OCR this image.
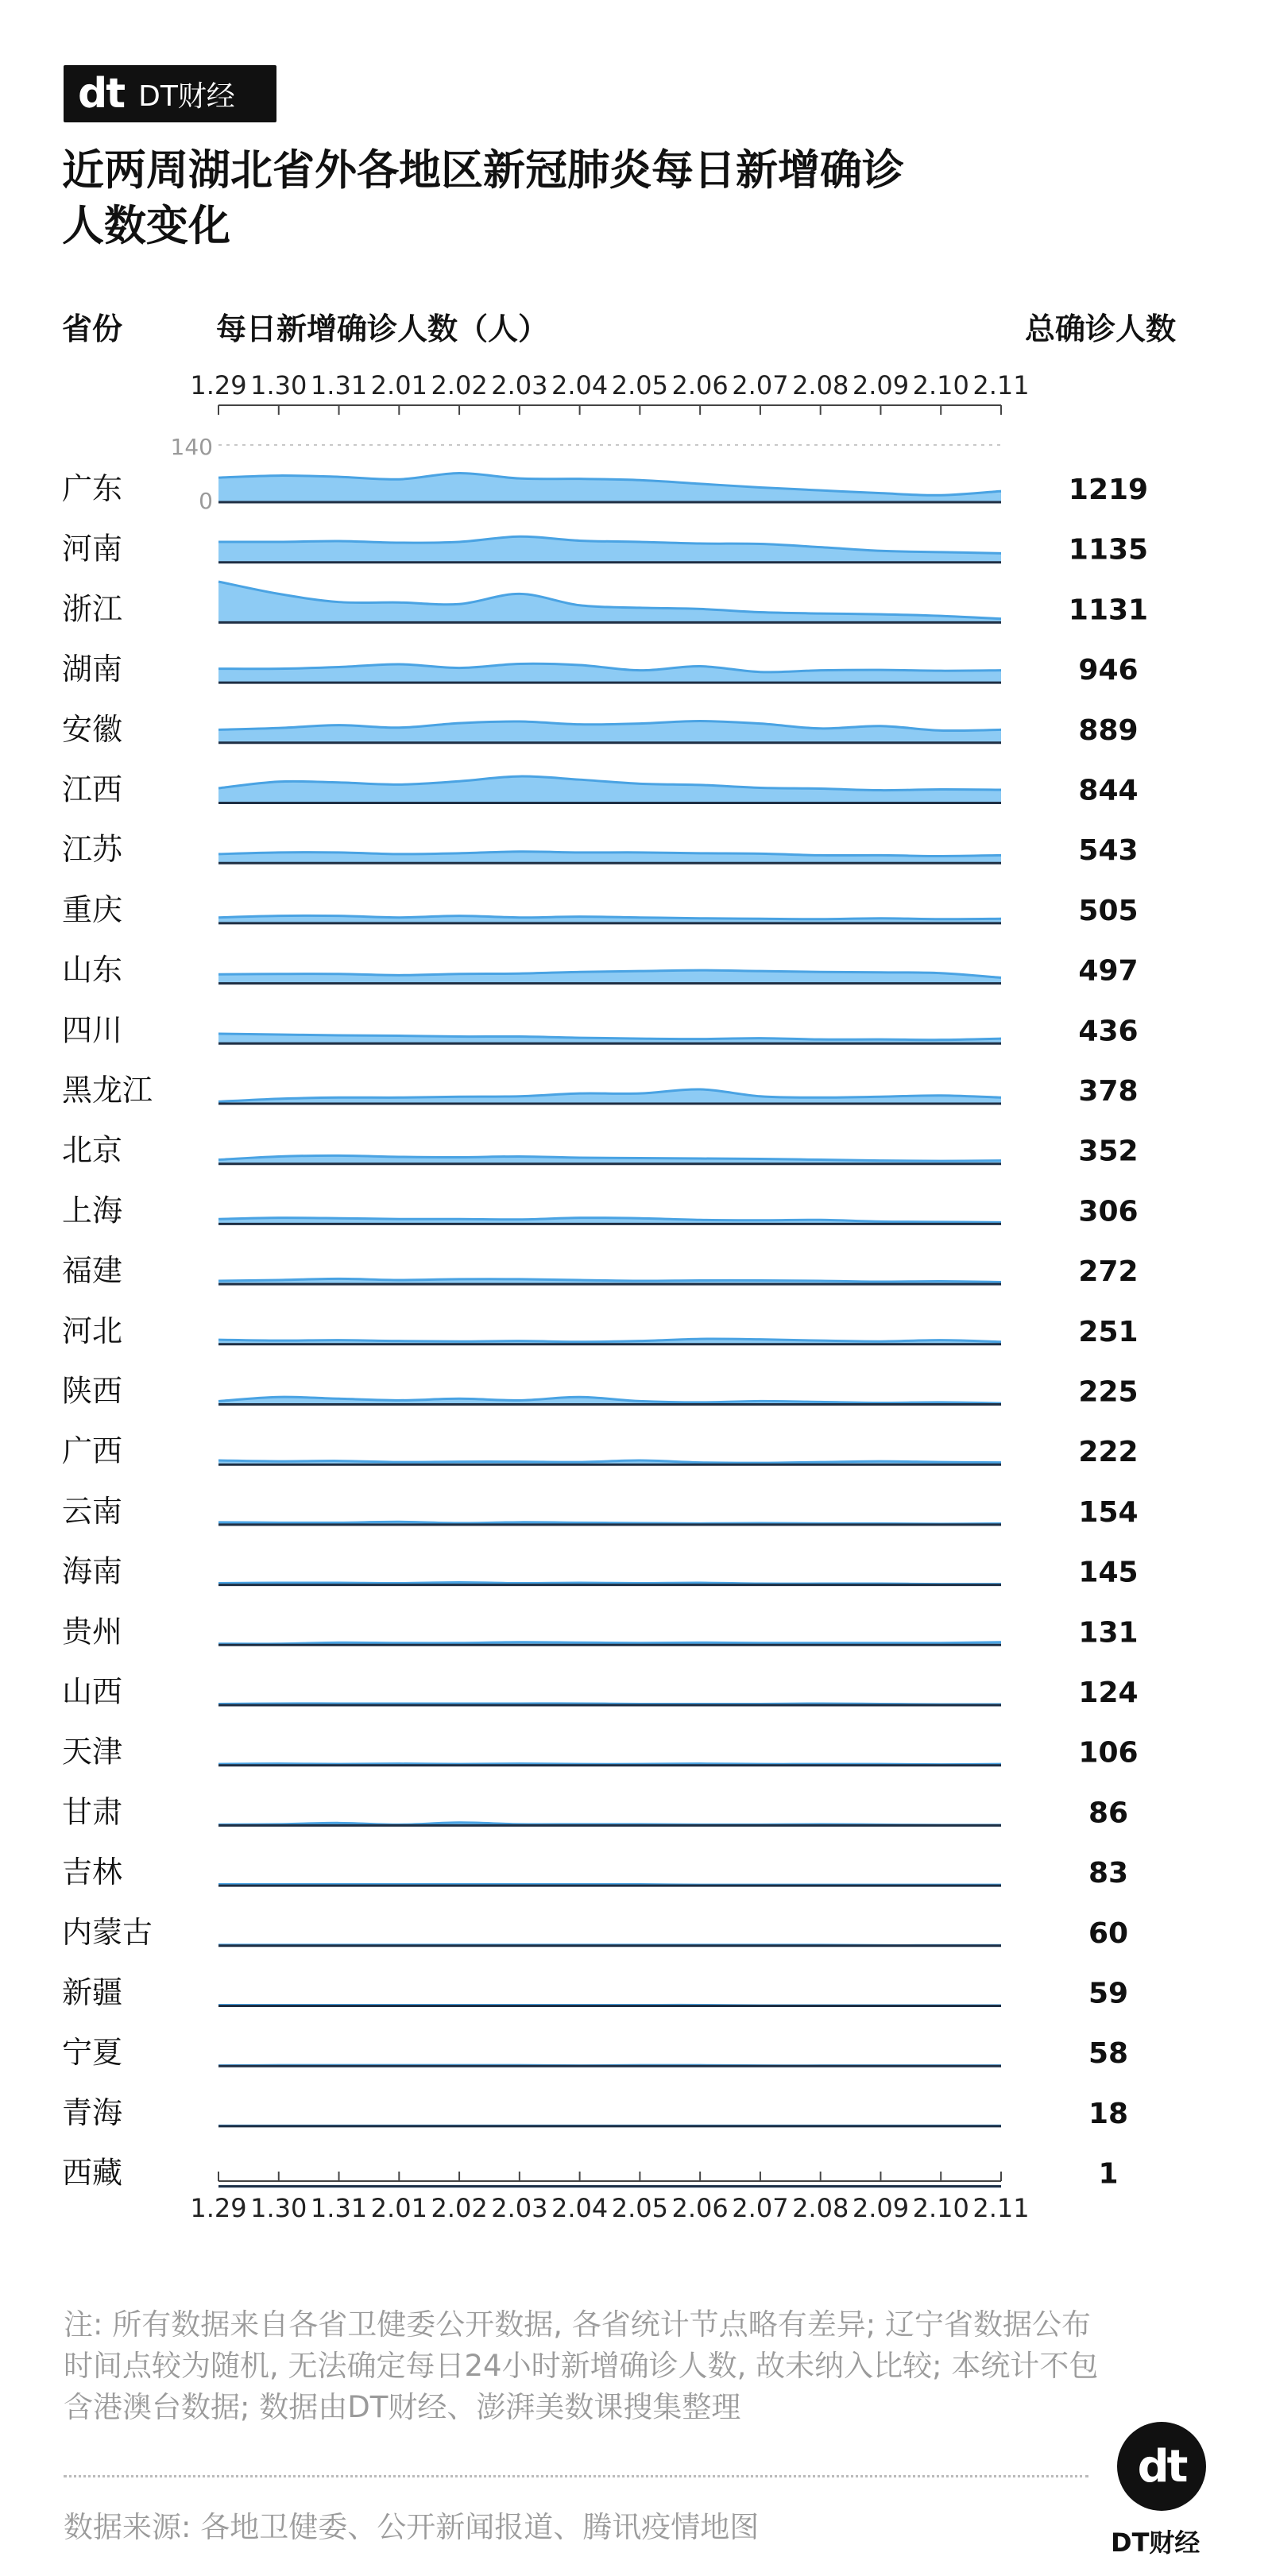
dt DT财经
近两周湖北省外各地区新冠肺炎每日新增确诊人数变化
省份	每日新增确诊人数（人）	总确诊人数
1.29
1.29
1.30
1.30
1.31
1.31
2.01
2.01
2.02
2.02
2.03
2.03
2.04
2.04
2.05
2.05
2.06
2.06
2.07
2.07
2.08
2.08
2.09
2.09
2.10
2.10
2.11
2.11
140
0
广东	1219
河南	1135
浙江	1131
湖南	946
安徽	889
江西	844
江苏	543
重庆	505
山东	497
四川	436
黑龙江	378
北京	352
上海	306
福建	272
河北	251
陕西	225
广西	222
云南	154
海南	145
贵州	131
山西	124
天津	106
甘肃	86
吉林	83
内蒙古	60
新疆	59
宁夏	58
青海	18
西藏	1
注: 所有数据来自各省卫健委公开数据, 各省统计节点略有差异; 辽宁省数据公布时间点较为随机, 无法确定每日24小时新增确诊人数, 故未纳入比较; 本统计不包含港澳台数据; 数据由DT财经、澎湃美数课搜集整理
数据来源: 各地卫健委、公开新闻报道、腾讯疫情地图
dt
DT财经
